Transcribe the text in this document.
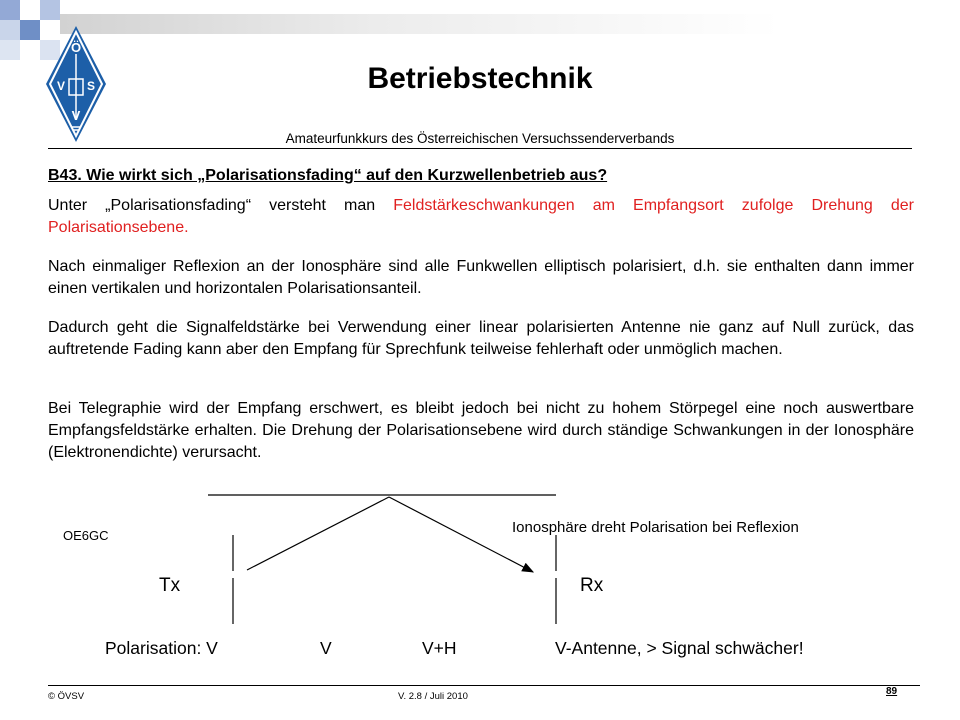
Ö
V S
V
Betriebstechnik
Amateurfunkkurs des Österreichischen Versuchssenderverbands
B43. Wie wirkt sich „Polarisationsfading“ auf den Kurzwellenbetrieb aus?
Unter „Polarisationsfading“ versteht man Feldstärkeschwankungen am Empfangsort zufolge Drehung der Polarisationsebene.
Nach einmaliger Reflexion an der Ionosphäre sind alle Funkwellen elliptisch polarisiert, d.h. sie enthalten dann immer einen vertikalen und horizontalen Polarisationsanteil.
Dadurch geht die Signalfeldstärke bei Verwendung einer linear polarisierten Antenne nie ganz auf Null zurück, das auftretende Fading kann aber den Empfang für Sprechfunk teilweise fehlerhaft oder unmöglich machen.
Bei Telegraphie wird der Empfang erschwert, es bleibt jedoch bei nicht zu hohem Störpegel eine noch auswertbare Empfangsfeldstärke erhalten. Die Drehung der Polarisationsebene wird durch ständige Schwankungen in der Ionosphäre (Elektronendichte) verursacht.
OE6GC	Ionosphäre dreht Polarisation bei Reflexion
Tx	Rx
Polarisation: V	V	V+H	V-Antenne, > Signal schwächer!
© ÖVSV	V. 2.8 / Juli 2010	89
